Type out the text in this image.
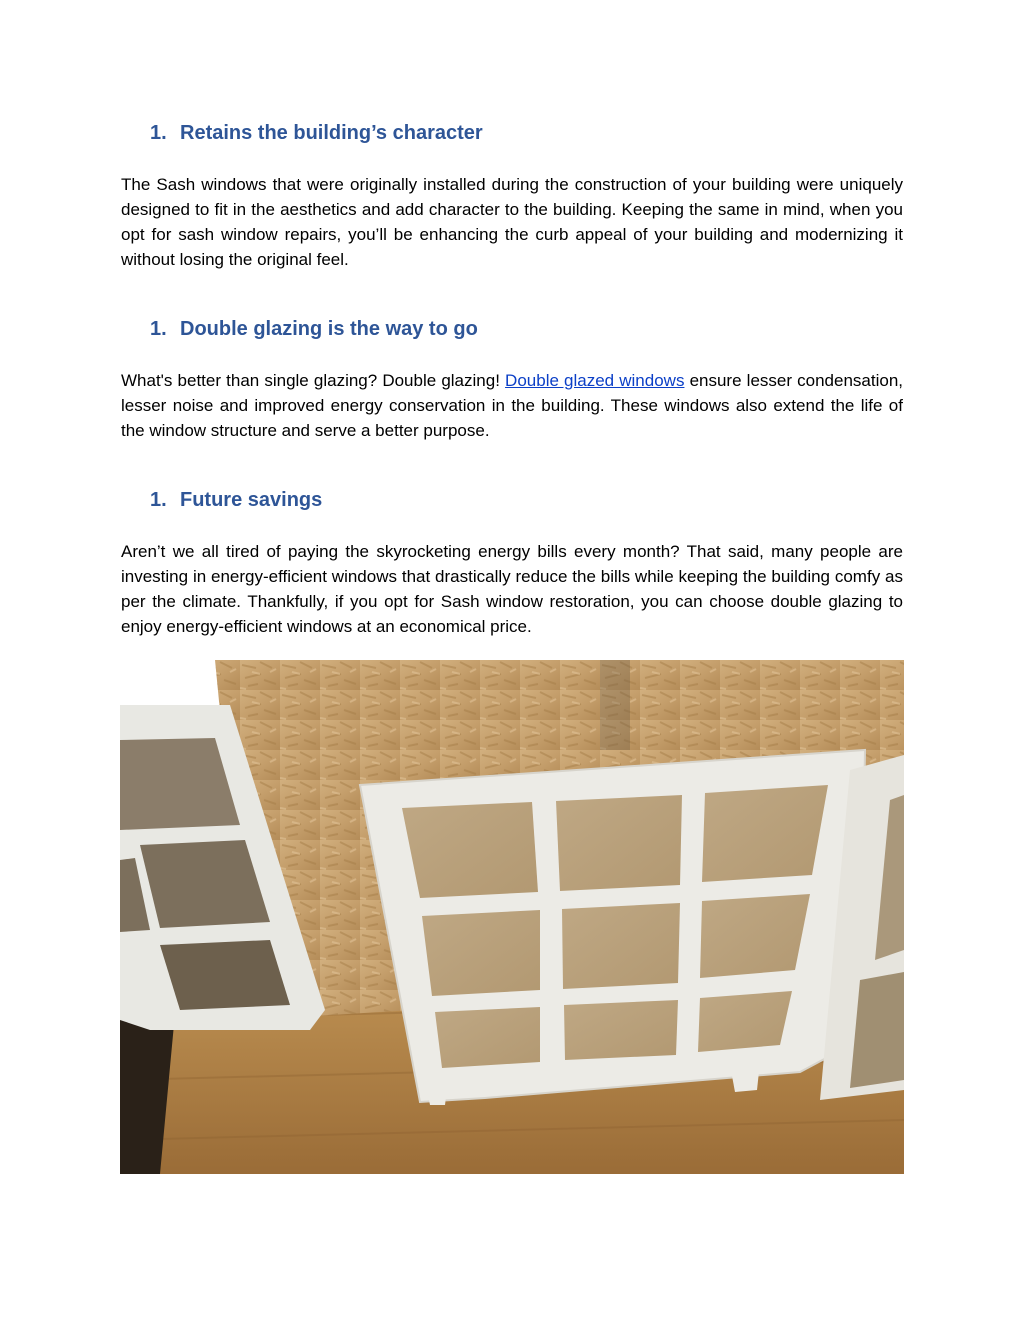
1. Retains the building’s character

The Sash windows that were originally installed during the construction of your building were uniquely designed to fit in the aesthetics and add character to the building. Keeping the same in mind, when you opt for sash window repairs, you’ll be enhancing the curb appeal of your building and modernizing it without losing the original feel.

1. Double glazing is the way to go

What's better than single glazing? Double glazing! Double glazed windows ensure lesser condensation, lesser noise and improved energy conservation in the building. These windows also extend the life of the window structure and serve a better purpose.

1. Future savings

Aren’t we all tired of paying the skyrocketing energy bills every month? That said, many people are investing in energy-efficient windows that drastically reduce the bills while keeping the building comfy as per the climate. Thankfully, if you opt for Sash window restoration, you can choose double glazing to enjoy energy-efficient windows at an economical price.
